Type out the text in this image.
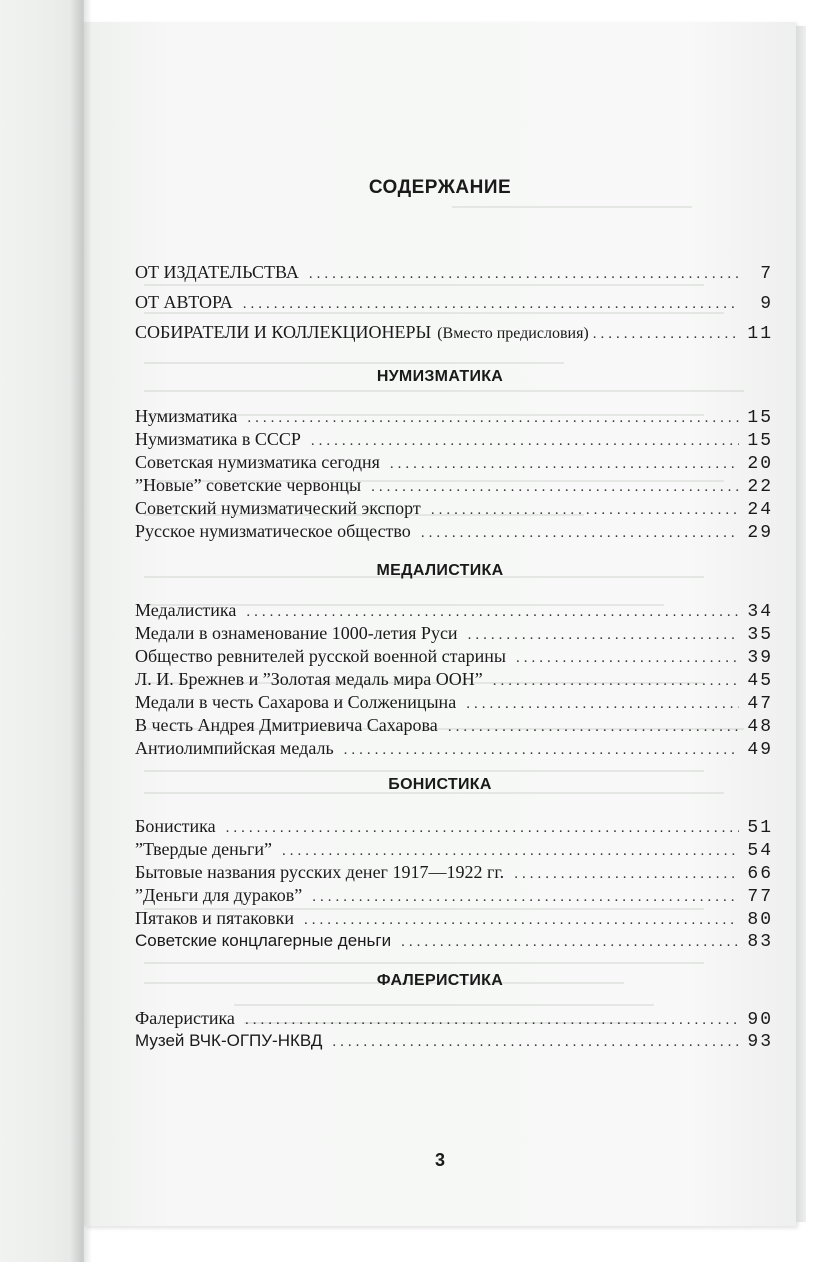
СОДЕРЖАНИЕ
ОТ ИЗДАТЕЛЬСТВА .....	7
ОТ АВТОРА .....	9
СОБИРАТЕЛИ И КОЛЛЕКЦИОНЕРЫ (Вместо предисловия) .....	11
НУМИЗМАТИКА
Нумизматика .....	15
Нумизматика в СССР .....	15
Советская нумизматика сегодня .....	20
”Новые” советские червонцы .....	22
Советский нумизматический экспорт .....	24
Русское нумизматическое общество .....	29
МЕДАЛИСТИКА
Медалистика .....	34
Медали в ознаменование 1000-летия Руси .....	35
Общество ревнителей русской военной старины .....	39
Л. И. Брежнев и ”Золотая медаль мира ООН” .....	45
Медали в честь Сахарова и Солженицына .....	47
В честь Андрея Дмитриевича Сахарова .....	48
Антиолимпийская медаль .....	49
БОНИСТИКА
Бонистика .....	51
”Твердые деньги” .....	54
Бытовые названия русских денег 1917—1922 гг. .....	66
”Деньги для дураков” .....	77
Пятаков и пятаковки .....	80
Советские концлагерные деньги .....	83
ФАЛЕРИСТИКА
Фалеристика .....	90
Музей ВЧК-ОГПУ-НКВД .....	93
3
